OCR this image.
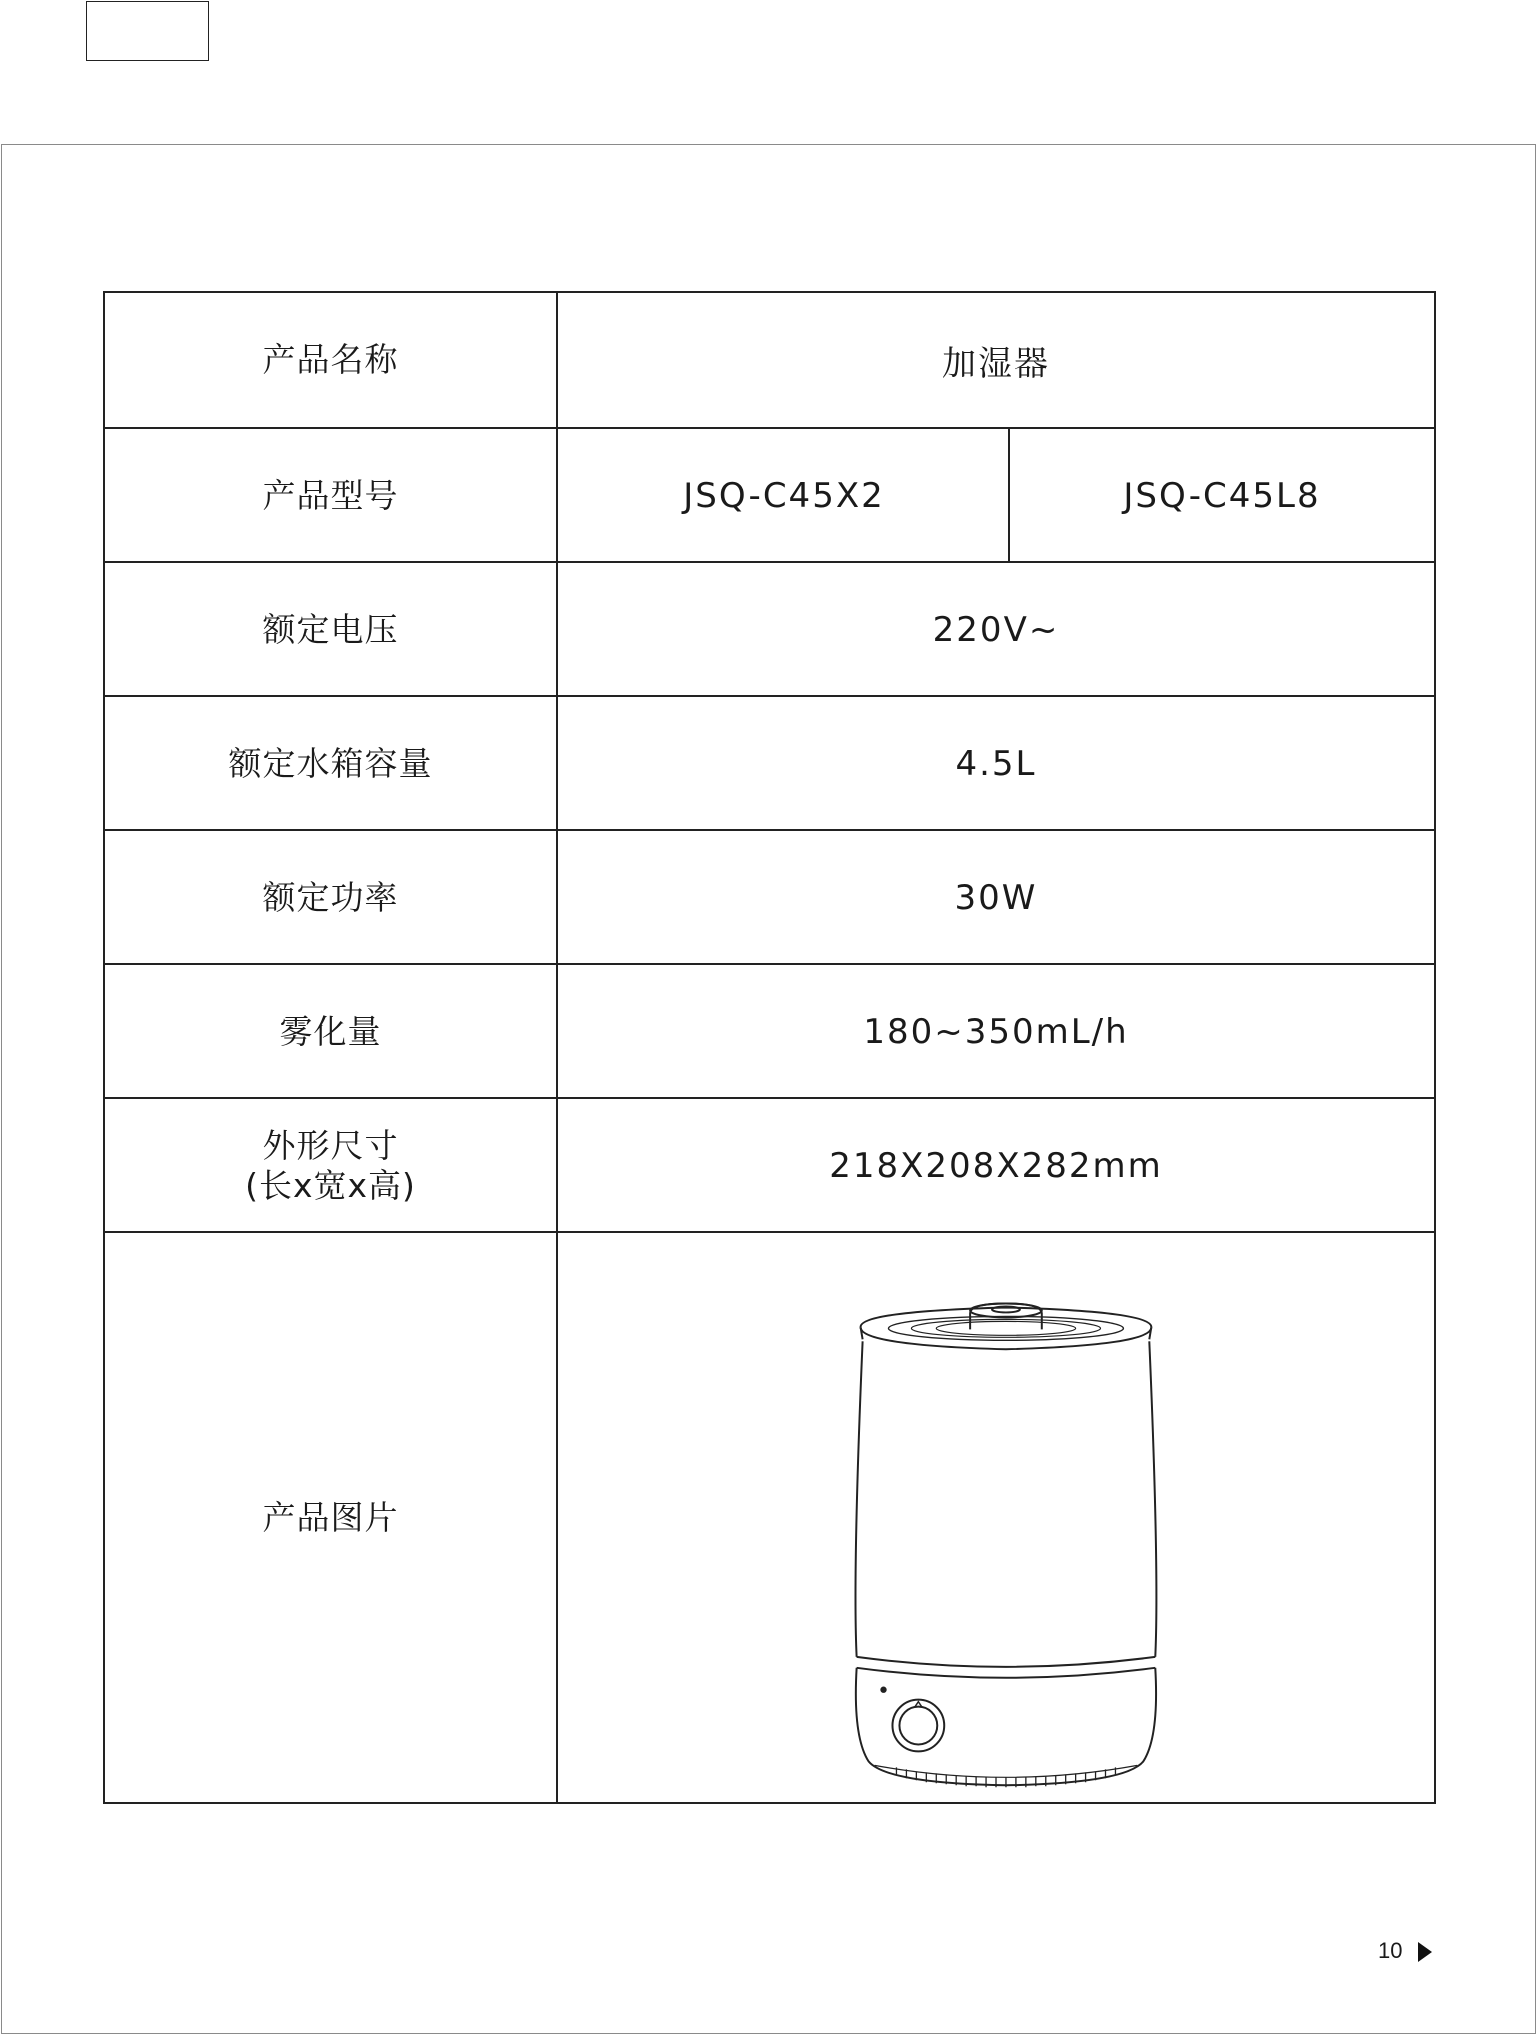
产品名称	加湿器
产品型号	JSQ-C45X2	JSQ-C45L8
额定电压	220V~
额定水箱容量	4.5L
额定功率	30W
雾化量	180~350mL/h
外形尺寸
(长x宽x高)	218X208X282mm
产品图片
10
